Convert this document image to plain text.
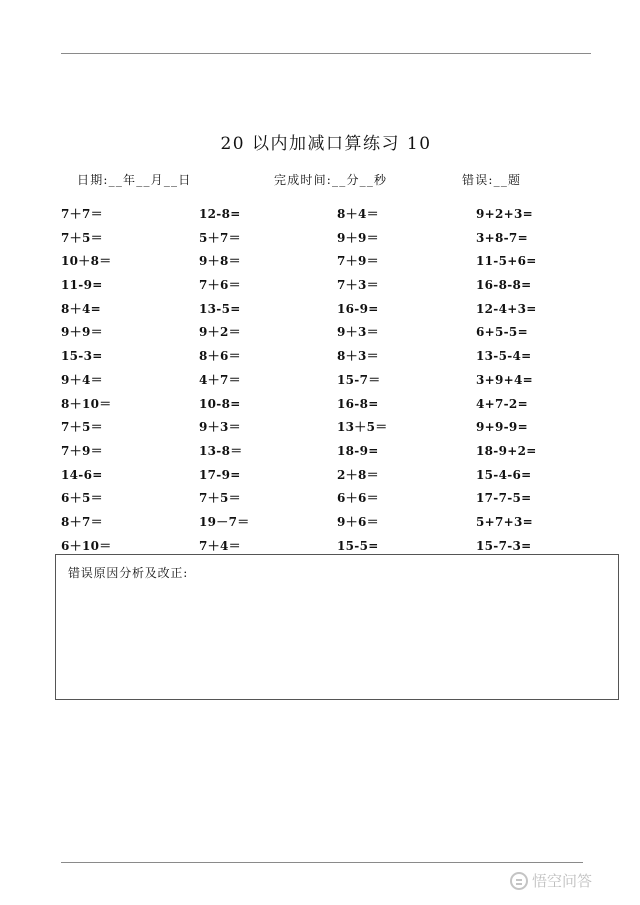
20 以内加减口算练习 10
日期:__年__月__日	完成时间:__分__秒	错误:__题
7＋7＝	12-8=	8＋4＝	9+2+3=
7＋5＝	5＋7＝	9＋9＝	3+8-7=
10＋8＝	9＋8＝	7＋9＝	11-5+6=
11-9=	7＋6＝	7＋3＝	16-8-8=
8＋4=	13-5=	16-9=	12-4+3=
9＋9＝	9＋2＝	9＋3＝	6+5-5=
15-3=	8＋6＝	8＋3＝	13-5-4=
9＋4＝	4＋7＝	15-7＝	3+9+4=
8＋10＝	10-8=	16-8=	4+7-2=
7＋5＝	9＋3＝	13＋5＝	9+9-9=
7＋9＝	13-8＝	18-9=	18-9+2=
14-6=	17-9=	2＋8＝	15-4-6=
6＋5＝	7＋5＝	6＋6＝	17-7-5=
8＋7＝	19－7＝	9＋6＝	5+7+3=
6＋10＝	7＋4＝	15-5=	15-7-3=
错误原因分析及改正:
悟空问答
